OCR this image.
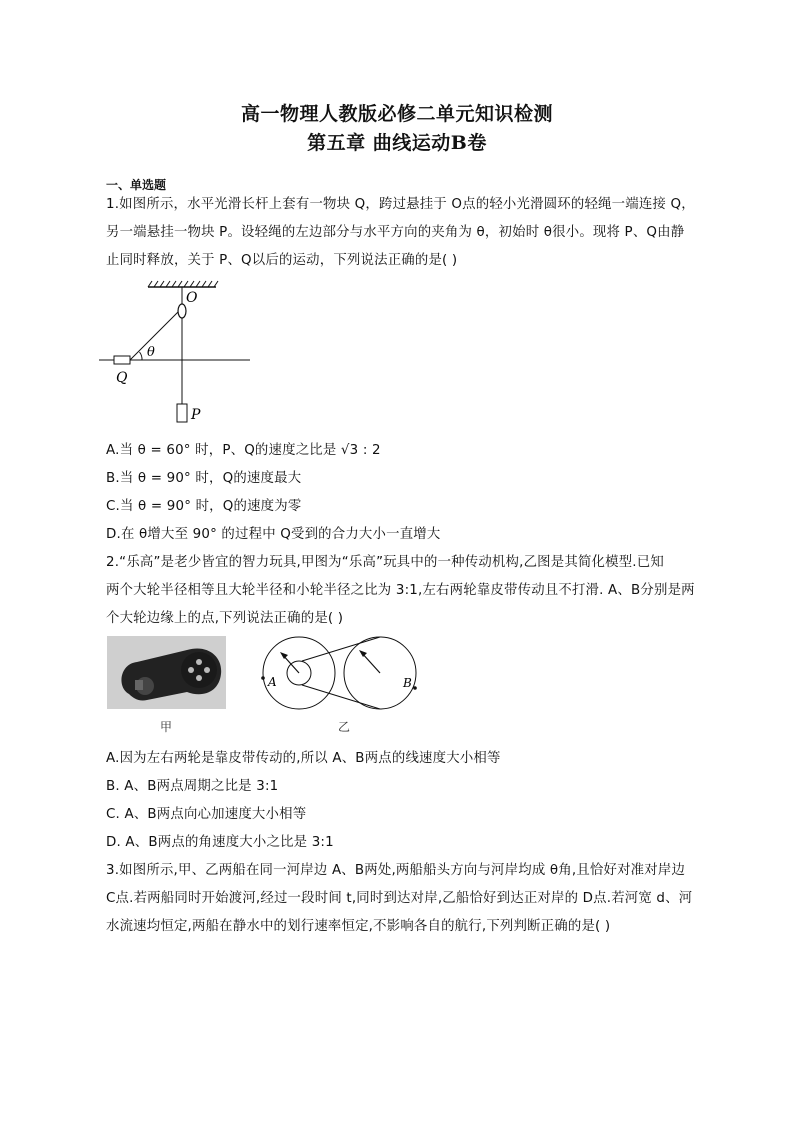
高一物理人教版必修二单元知识检测
第五章 曲线运动B卷
一、单选题
1.如图所示，水平光滑长杆上套有一物块 Q，跨过悬挂于 O点的轻小光滑圆环的轻绳一端连接 Q，
另一端悬挂一物块 P。设轻绳的左边部分与水平方向的夹角为 θ，初始时 θ很小。现将 P、Q由静
止同时释放，关于 P、Q以后的运动，下列说法正确的是( )
O
θ
Q
P
A.当 θ = 60° 时，P、Q的速度之比是 √3 : 2
B.当 θ = 90° 时，Q的速度最大
C.当 θ = 90° 时，Q的速度为零
D.在 θ增大至 90° 的过程中 Q受到的合力大小一直增大
2.“乐高”是老少皆宜的智力玩具,甲图为“乐高”玩具中的一种传动机构,乙图是其简化模型.已知
两个大轮半径相等且大轮半径和小轮半径之比为 3:1,左右两轮靠皮带传动且不打滑. A、B分别是两
个大轮边缘上的点,下列说法正确的是( )
甲
A	B
乙
A.因为左右两轮是靠皮带传动的,所以 A、B两点的线速度大小相等
B. A、B两点周期之比是 3:1
C. A、B两点向心加速度大小相等
D. A、B两点的角速度大小之比是 3:1
3.如图所示,甲、乙两船在同一河岸边 A、B两处,两船船头方向与河岸均成 θ角,且恰好对准对岸边
C点.若两船同时开始渡河,经过一段时间 t,同时到达对岸,乙船恰好到达正对岸的 D点.若河宽 d、河
水流速均恒定,两船在静水中的划行速率恒定,不影响各自的航行,下列判断正确的是( )
